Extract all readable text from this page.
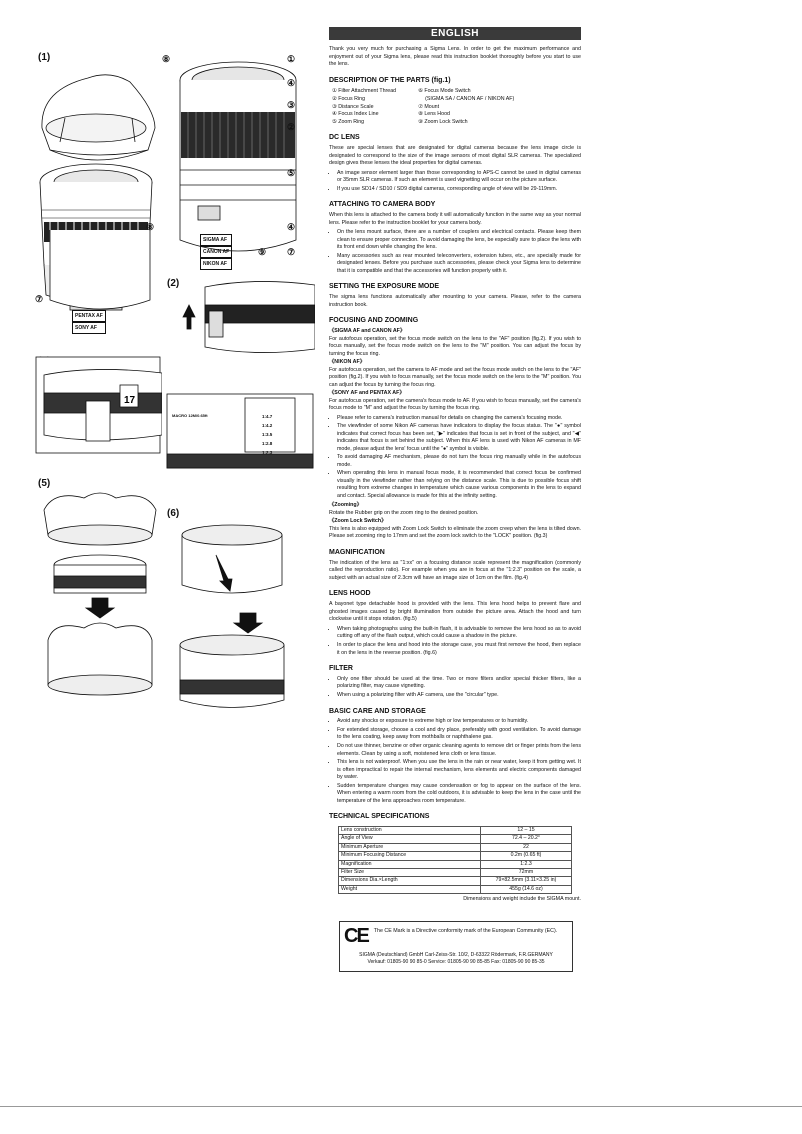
(1)	①
④
③
②
⑤
⑧
⑧	④
⑦
⑨
⑦
SIGMA AF
CANON AF
NIKON AF
PENTAX AF
SONY AF
(2)
17
MACRO 12M/0.65ft	1:4.7
1:4.2
1:3.5
1:2.8
1:2.3
(5)
(6)
ENGLISH

Thank you very much for purchasing a Sigma Lens. In order to get the maximum performance and enjoyment out of your Sigma lens, please read this instruction booklet thoroughly before you start to use the lens.

DESCRIPTION OF THE PARTS (fig.1)
① Filter Attachment Thread
② Focus Ring
③ Distance Scale
④ Focus Index Line
⑤ Zoom Ring
⑥ Focus Mode Switch
(SIGMA SA / CANON AF / NIKON AF)
⑦ Mount
⑧ Lens Hood
⑨ Zoom Lock Switch
DC LENS

These are special lenses that are designated for digital cameras because the lens image circle is designated to correspond to the size of the image sensors of most digital SLR cameras. The specialized design gives these lenses the ideal properties for digital cameras.

• An image sensor element larger than those corresponding to APS-C cannot be used in digital cameras or 35mm SLR cameras. If such an element is used vignetting will occur on the picture surface.
• If you use SD14 / SD10 / SD9 digital cameras, corresponding angle of view will be 29-119mm.
ATTACHING TO CAMERA BODY

When this lens is attached to the camera body it will automatically function in the same way as your normal lens. Please refer to the instruction booklet for your camera body.

• On the lens mount surface, there are a number of couplers and electrical contacts. Please keep them clean to ensure proper connection. To avoid damaging the lens, be especially sure to place the lens with its front end down while changing the lens.
• Many accessories such as rear mounted teleconverters, extension tubes, etc., are specially made for designated lenses. Before you purchase such accessories, please check your Sigma lens to determine that it is compatible and that the accessories will function properly with it.
SETTING THE EXPOSURE MODE

The sigma lens functions automatically after mounting to your camera. Please, refer to the camera instruction book.

FOCUSING AND ZOOMING
《SIGMA AF and CANON AF》

For autofocus operation, set the focus mode switch on the lens to the "AF" position (fig.2). If you wish to focus manually, set the focus mode switch on the lens to the "M" position. You can adjust the focus by turning the focus ring.

《NIKON AF》

For autofocus operation, set the camera to AF mode and set the focus mode switch on the lens to the "AF" position (fig.2). If you wish to focus manually, set the focus mode switch on the lens to the "M" position. You can adjust the focus by turning the focus ring.

《SONY AF and PENTAX AF》

For autofocus operation, set the camera's focus mode to AF. If you wish to focus manually, set the camera's focus mode to "M" and adjust the focus by turning the focus ring.

• Please refer to camera's instruction manual for details on changing the camera's focusing mode.
• The viewfinder of some Nikon AF cameras have indicators to display the focus status. The "●" symbol indicates that correct focus has been set, "▶" indicates that focus is set in front of the subject, and "◀" indicates that focus is set behind the subject. When this AF lens is used with Nikon AF cameras in MF mode, please adjust the lens' focus until the "●" symbol is visible.
• To avoid damaging AF mechanism, please do not turn the focus ring manually while in the autofocus mode.
• When operating this lens in manual focus mode, it is recommended that correct focus be confirmed visually in the viewfinder rather than relying on the distance scale. This is due to possible focus shift resulting from extreme changes in temperature which cause various components in the lens to expand and contact. Special allowance is made for this at the infinity setting.
《Zooming》

Rotate the Rubber grip on the zoom ring to the desired position.

《Zoom Lock Switch》

This lens is also equipped with Zoom Lock Switch to eliminate the zoom creep when the lens is tilted down. Please set zooming ring to 17mm and set the zoom lock switch to the "LOCK" position. (fig.3)

MAGNIFICATION

The indication of the lens as "1:xx" on a focusing distance scale represent the magnification (commonly called the reproduction ratio). For example when you are in focus at the "1:2.3" position on the scale, a subject with an actual size of 2.3cm will have an image size of 1cm on the film. (fig.4)

LENS HOOD

A bayonet type detachable hood is provided with the lens. This lens hood helps to prevent flare and ghosted images caused by bright illumination from outside the picture area. Attach the hood and turn clockwise until it stops rotation. (fig.5)

• When taking photographs using the built-in flash, it is advisable to remove the lens hood so as to avoid cutting off any of the flash output, which could cause a shadow in the picture.
• In order to place the lens and hood into the storage case, you must first remove the hood, then replace it on the lens in the reverse position. (fig.6)
FILTER
• Only one filter should be used at the time. Two or more filters and/or special thicker filters, like a polarizing filter, may cause vignetting.
• When using a polarizing filter with AF camera, use the "circular" type.
BASIC CARE AND STORAGE
• Avoid any shocks or exposure to extreme high or low temperatures or to humidity.
• For extended storage, choose a cool and dry place, preferably with good ventilation. To avoid damage to the lens coating, keep away from mothballs or naphthalene gas.
• Do not use thinner, benzine or other organic cleaning agents to remove dirt or finger prints from the lens elements. Clean by using a soft, moistened lens cloth or lens tissue.
• This lens is not waterproof. When you use the lens in the rain or near water, keep it from getting wet. It is often impractical to repair the internal mechanism, lens elements and electric components damaged by water.
• Sudden temperature changes may cause condensation or fog to appear on the surface of the lens. When entering a warm room from the cold outdoors, it is advisable to keep the lens in the case until the temperature of the lens approaches room temperature.
TECHNICAL SPECIFICATIONS
Lens construction	12 – 15
Angle of View	72.4 – 20.2°
Minimum Aperture	22
Minimum Focusing Distance	0.2m (0.65 ft)
Magnification	1:2.3
Filter Size	72mm
Dimensions Dia.×Length	79×82.5mm (3.11×3.25 in)
Weight	455g (14.6 oz)

Dimensions and weight include the SIGMA mount.

CE The CE Mark is a Directive conformity mark of the European Community (EC).
SIGMA (Deutschland) GmbH Carl-Zeiss-Str. 10/2, D-63322 Rödermark, F.R.GERMANY
Verkauf: 01805-90 90 85-0 Service: 01805-90 90 85-85 Fax: 01805-90 90 85-35
